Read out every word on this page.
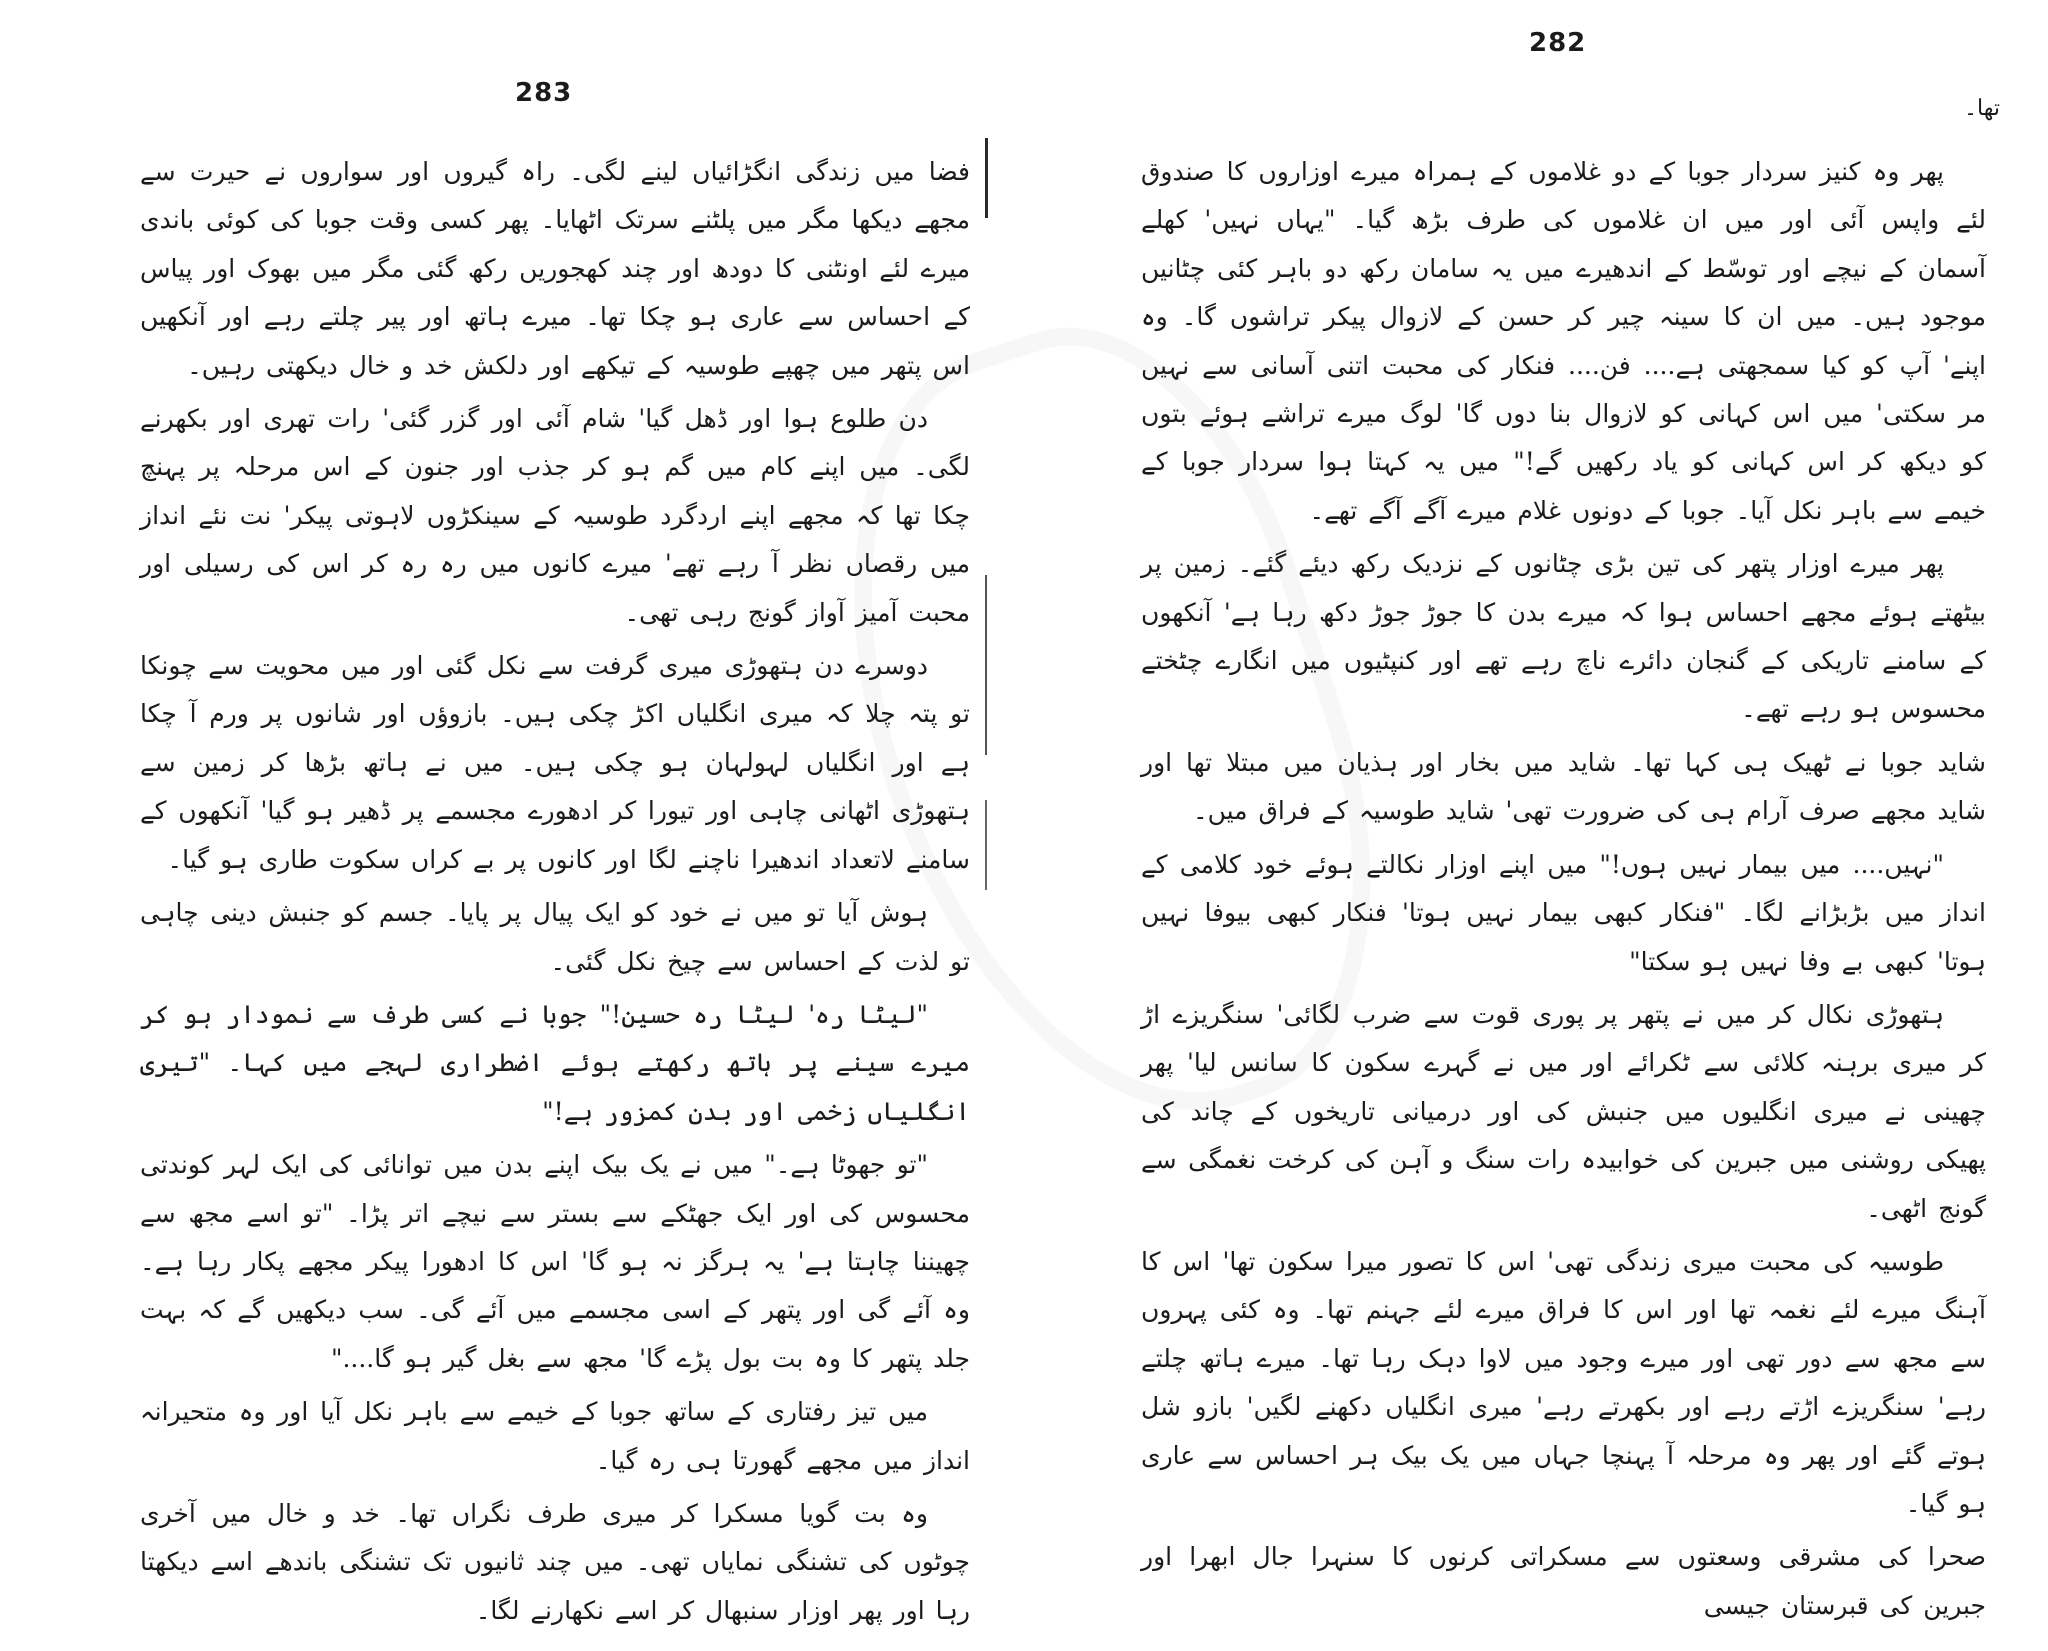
283

فضا میں زندگی انگڑائیاں لینے لگی۔ راہ گیروں اور سواروں نے حیرت سے مجھے دیکھا مگر میں پلٹنے سرتک اٹھایا۔ پھر کسی وقت جوبا کی کوئی باندی میرے لئے اونٹنی کا دودھ اور چند کھجوریں رکھ گئی مگر میں بھوک اور پیاس کے احساس سے عاری ہو چکا تھا۔ میرے ہاتھ اور پیر چلتے رہے اور آنکھیں اس پتھر میں چھپے طوسیہ کے تیکھے اور دلکش خد و خال دیکھتی رہیں۔

دن طلوع ہوا اور ڈھل گیا' شام آئی اور گزر گئی' رات تھری اور بکھرنے لگی۔ میں اپنے کام میں گم ہو کر جذب اور جنون کے اس مرحلہ پر پہنچ چکا تھا کہ مجھے اپنے اردگرد طوسیہ کے سینکڑوں لاہوتی پیکر' نت نئے انداز میں رقصاں نظر آ رہے تھے' میرے کانوں میں رہ رہ کر اس کی رسیلی اور محبت آمیز آواز گونج رہی تھی۔

دوسرے دن ہتھوڑی میری گرفت سے نکل گئی اور میں محویت سے چونکا تو پتہ چلا کہ میری انگلیاں اکڑ چکی ہیں۔ بازوؤں اور شانوں پر ورم آ چکا ہے اور انگلیاں لہولہان ہو چکی ہیں۔ میں نے ہاتھ بڑھا کر زمین سے ہتھوڑی اٹھانی چاہی اور تیورا کر ادھورے مجسمے پر ڈھیر ہو گیا' آنکھوں کے سامنے لاتعداد اندھیرا ناچنے لگا اور کانوں پر بے کراں سکوت طاری ہو گیا۔

ہوش آیا تو میں نے خود کو ایک پیال پر پایا۔ جسم کو جنبش دینی چاہی تو لذت کے احساس سے چیخ نکل گئی۔

"لیٹا رہ' لیٹا رہ حسین!" جوبا نے کسی طرف سے نمودار ہو کر میرے سینے پر ہاتھ رکھتے ہوئے اضطراری لہجے میں کہا۔ "تیری انگلیاں زخمی اور بدن کمزور ہے!"

"تو جھوٹا ہے۔" میں نے یک بیک اپنے بدن میں توانائی کی ایک لہر کوندتی محسوس کی اور ایک جھٹکے سے بستر سے نیچے اتر پڑا۔ "تو اسے مجھ سے چھیننا چاہتا ہے' یہ ہرگز نہ ہو گا' اس کا ادھورا پیکر مجھے پکار رہا ہے۔ وہ آئے گی اور پتھر کے اسی مجسمے میں آئے گی۔ سب دیکھیں گے کہ بہت جلد پتھر کا وہ بت بول پڑے گا' مجھ سے بغل گیر ہو گا...."

میں تیز رفتاری کے ساتھ جوبا کے خیمے سے باہر نکل آیا اور وہ متحیرانہ انداز میں مجھے گھورتا ہی رہ گیا۔

وہ بت گویا مسکرا کر میری طرف نگراں تھا۔ خد و خال میں آخری چوٹوں کی تشنگی نمایاں تھی۔ میں چند ثانیوں تک تشنگی باندھے اسے دیکھتا رہا اور پھر اوزار سنبھال کر اسے نکھارنے لگا۔

282
تھا۔

پھر وہ کنیز سردار جوبا کے دو غلاموں کے ہمراہ میرے اوزاروں کا صندوق لئے واپس آئی اور میں ان غلاموں کی طرف بڑھ گیا۔ "یہاں نہیں' کھلے آسمان کے نیچے اور توسّط کے اندھیرے میں یہ سامان رکھ دو باہر کئی چٹانیں موجود ہیں۔ میں ان کا سینہ چیر کر حسن کے لازوال پیکر تراشوں گا۔ وہ اپنے' آپ کو کیا سمجھتی ہے.... فن.... فنکار کی محبت اتنی آسانی سے نہیں مر سکتی' میں اس کہانی کو لازوال بنا دوں گا' لوگ میرے تراشے ہوئے بتوں کو دیکھ کر اس کہانی کو یاد رکھیں گے!" میں یہ کہتا ہوا سردار جوبا کے خیمے سے باہر نکل آیا۔ جوبا کے دونوں غلام میرے آگے آگے تھے۔

پھر میرے اوزار پتھر کی تین بڑی چٹانوں کے نزدیک رکھ دیئے گئے۔ زمین پر بیٹھتے ہوئے مجھے احساس ہوا کہ میرے بدن کا جوڑ جوڑ دکھ رہا ہے' آنکھوں کے سامنے تاریکی کے گنجان دائرے ناچ رہے تھے اور کنپٹیوں میں انگارے چٹختے محسوس ہو رہے تھے۔

شاید جوبا نے ٹھیک ہی کہا تھا۔ شاید میں بخار اور ہذیان میں مبتلا تھا اور شاید مجھے صرف آرام ہی کی ضرورت تھی' شاید طوسیہ کے فراق میں۔

"نہیں.... میں بیمار نہیں ہوں!" میں اپنے اوزار نکالتے ہوئے خود کلامی کے انداز میں بڑبڑانے لگا۔ "فنکار کبھی بیمار نہیں ہوتا' فنکار کبھی بیوفا نہیں ہوتا' کبھی بے وفا نہیں ہو سکتا"

ہتھوڑی نکال کر میں نے پتھر پر پوری قوت سے ضرب لگائی' سنگریزے اڑ کر میری برہنہ کلائی سے ٹکرائے اور میں نے گہرے سکون کا سانس لیا' پھر چھینی نے میری انگلیوں میں جنبش کی اور درمیانی تاریخوں کے چاند کی پھیکی روشنی میں جبرین کی خوابیدہ رات سنگ و آہن کی کرخت نغمگی سے گونج اٹھی۔

طوسیہ کی محبت میری زندگی تھی' اس کا تصور میرا سکون تھا' اس کا آہنگ میرے لئے نغمہ تھا اور اس کا فراق میرے لئے جہنم تھا۔ وہ کئی پہروں سے مجھ سے دور تھی اور میرے وجود میں لاوا دہک رہا تھا۔ میرے ہاتھ چلتے رہے' سنگریزے اڑتے رہے اور بکھرتے رہے' میری انگلیاں دکھنے لگیں' بازو شل ہوتے گئے اور پھر وہ مرحلہ آ پہنچا جہاں میں یک بیک ہر احساس سے عاری ہو گیا۔

صحرا کی مشرقی وسعتوں سے مسکراتی کرنوں کا سنہرا جال ابھرا اور جبرین کی قبرستان جیسی
